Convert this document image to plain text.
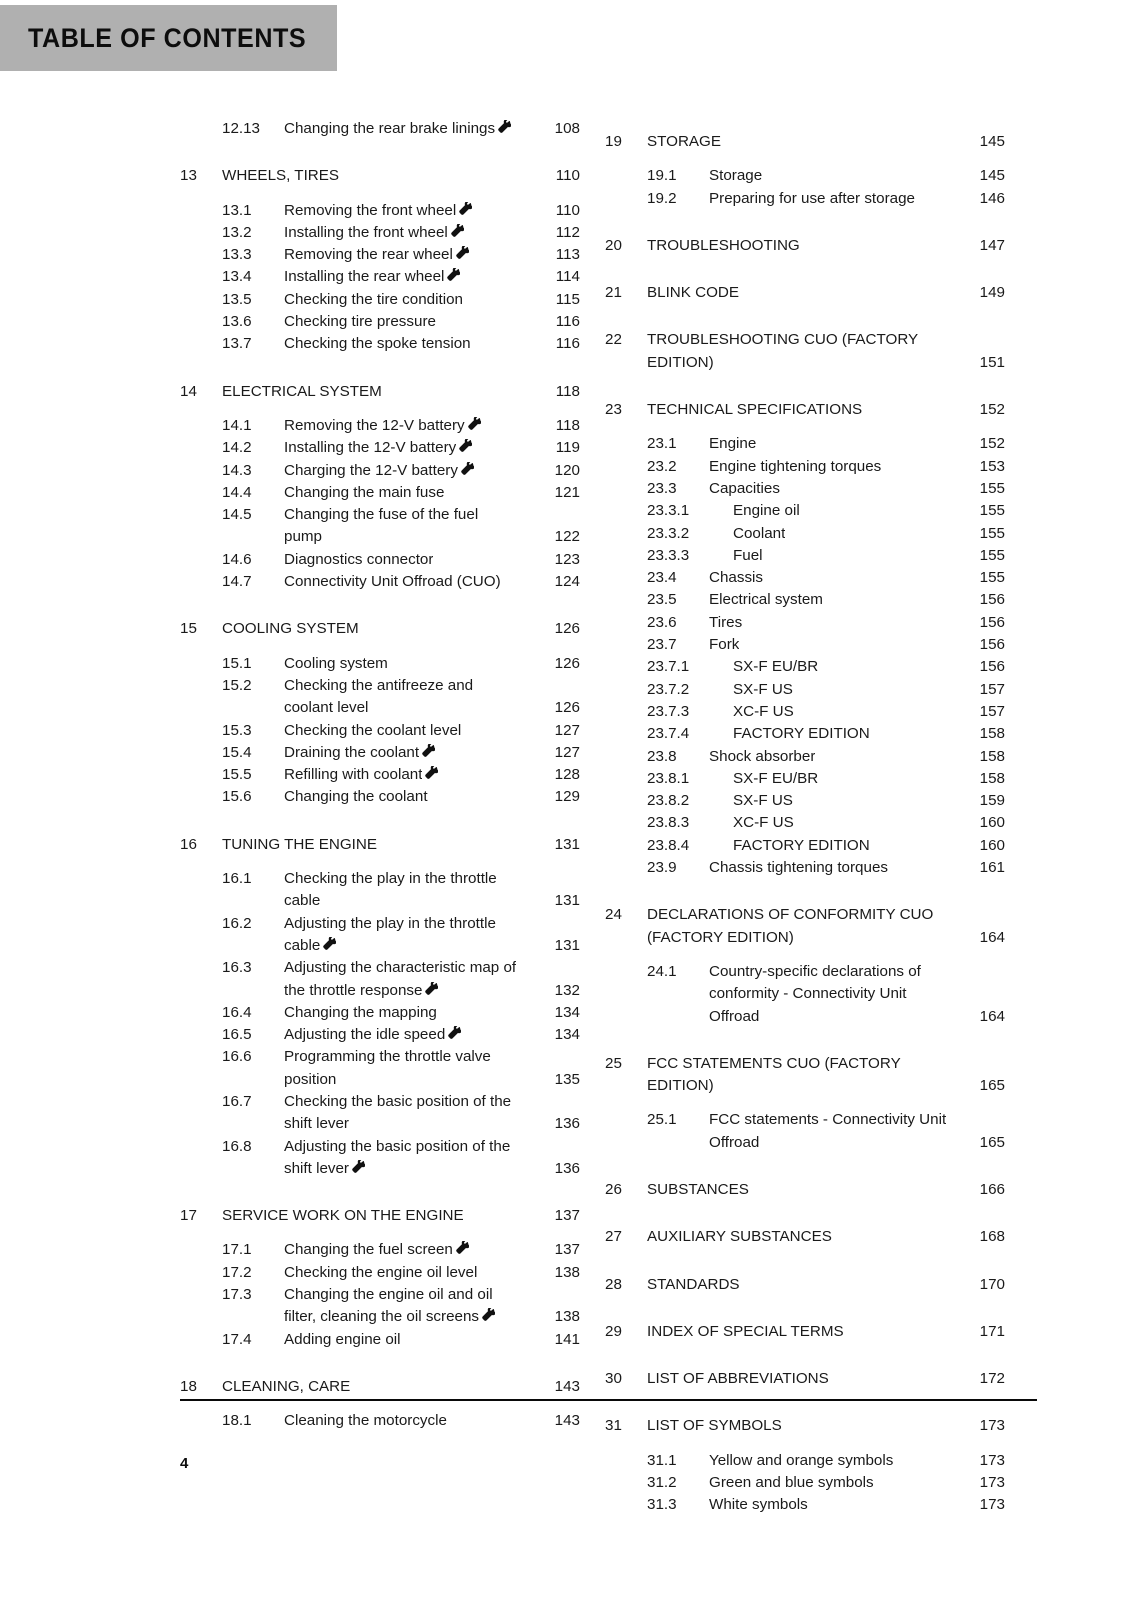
TABLE OF CONTENTS
12.13	Changing the rear brake linings	108
13	WHEELS, TIRES	110
13.1	Removing the front wheel	110
13.2	Installing the front wheel	112
13.3	Removing the rear wheel	113
13.4	Installing the rear wheel	114
13.5	Checking the tire condition	115
13.6	Checking tire pressure	116
13.7	Checking the spoke tension	116
14	ELECTRICAL SYSTEM	118
14.1	Removing the 12-V battery	118
14.2	Installing the 12-V battery	119
14.3	Charging the 12-V battery	120
14.4	Changing the main fuse	121
14.5	Changing the fuse of the fuel
pump	122
14.6	Diagnostics connector	123
14.7	Connectivity Unit Offroad (CUO)	124
15	COOLING SYSTEM	126
15.1	Cooling system	126
15.2	Checking the antifreeze and
coolant level	126
15.3	Checking the coolant level	127
15.4	Draining the coolant	127
15.5	Refilling with coolant	128
15.6	Changing the coolant	129
16	TUNING THE ENGINE	131
16.1	Checking the play in the throttle
cable	131
16.2	Adjusting the play in the throttle
cable	131
16.3	Adjusting the characteristic map of
the throttle response	132
16.4	Changing the mapping	134
16.5	Adjusting the idle speed	134
16.6	Programming the throttle valve
position	135
16.7	Checking the basic position of the
shift lever	136
16.8	Adjusting the basic position of the
shift lever	136
17	SERVICE WORK ON THE ENGINE	137
17.1	Changing the fuel screen	137
17.2	Checking the engine oil level	138
17.3	Changing the engine oil and oil
filter, cleaning the oil screens	138
17.4	Adding engine oil	141
18	CLEANING, CARE	143
18.1	Cleaning the motorcycle	143
19	STORAGE	145
19.1	Storage	145
19.2	Preparing for use after storage	146
20	TROUBLESHOOTING	147
21	BLINK CODE	149
22	TROUBLESHOOTING CUO (FACTORY
EDITION)	151
23	TECHNICAL SPECIFICATIONS	152
23.1	Engine	152
23.2	Engine tightening torques	153
23.3	Capacities	155
23.3.1	Engine oil	155
23.3.2	Coolant	155
23.3.3	Fuel	155
23.4	Chassis	155
23.5	Electrical system	156
23.6	Tires	156
23.7	Fork	156
23.7.1	SX-F EU/BR	156
23.7.2	SX-F US	157
23.7.3	XC-F US	157
23.7.4	FACTORY EDITION	158
23.8	Shock absorber	158
23.8.1	SX-F EU/BR	158
23.8.2	SX-F US	159
23.8.3	XC-F US	160
23.8.4	FACTORY EDITION	160
23.9	Chassis tightening torques	161
24	DECLARATIONS OF CONFORMITY CUO
(FACTORY EDITION)	164
24.1	Country-specific declarations of
conformity - Connectivity Unit
Offroad	164
25	FCC STATEMENTS CUO (FACTORY
EDITION)	165
25.1	FCC statements - Connectivity Unit
Offroad	165
26	SUBSTANCES	166
27	AUXILIARY SUBSTANCES	168
28	STANDARDS	170
29	INDEX OF SPECIAL TERMS	171
30	LIST OF ABBREVIATIONS	172
31	LIST OF SYMBOLS	173
31.1	Yellow and orange symbols	173
31.2	Green and blue symbols	173
31.3	White symbols	173
4
